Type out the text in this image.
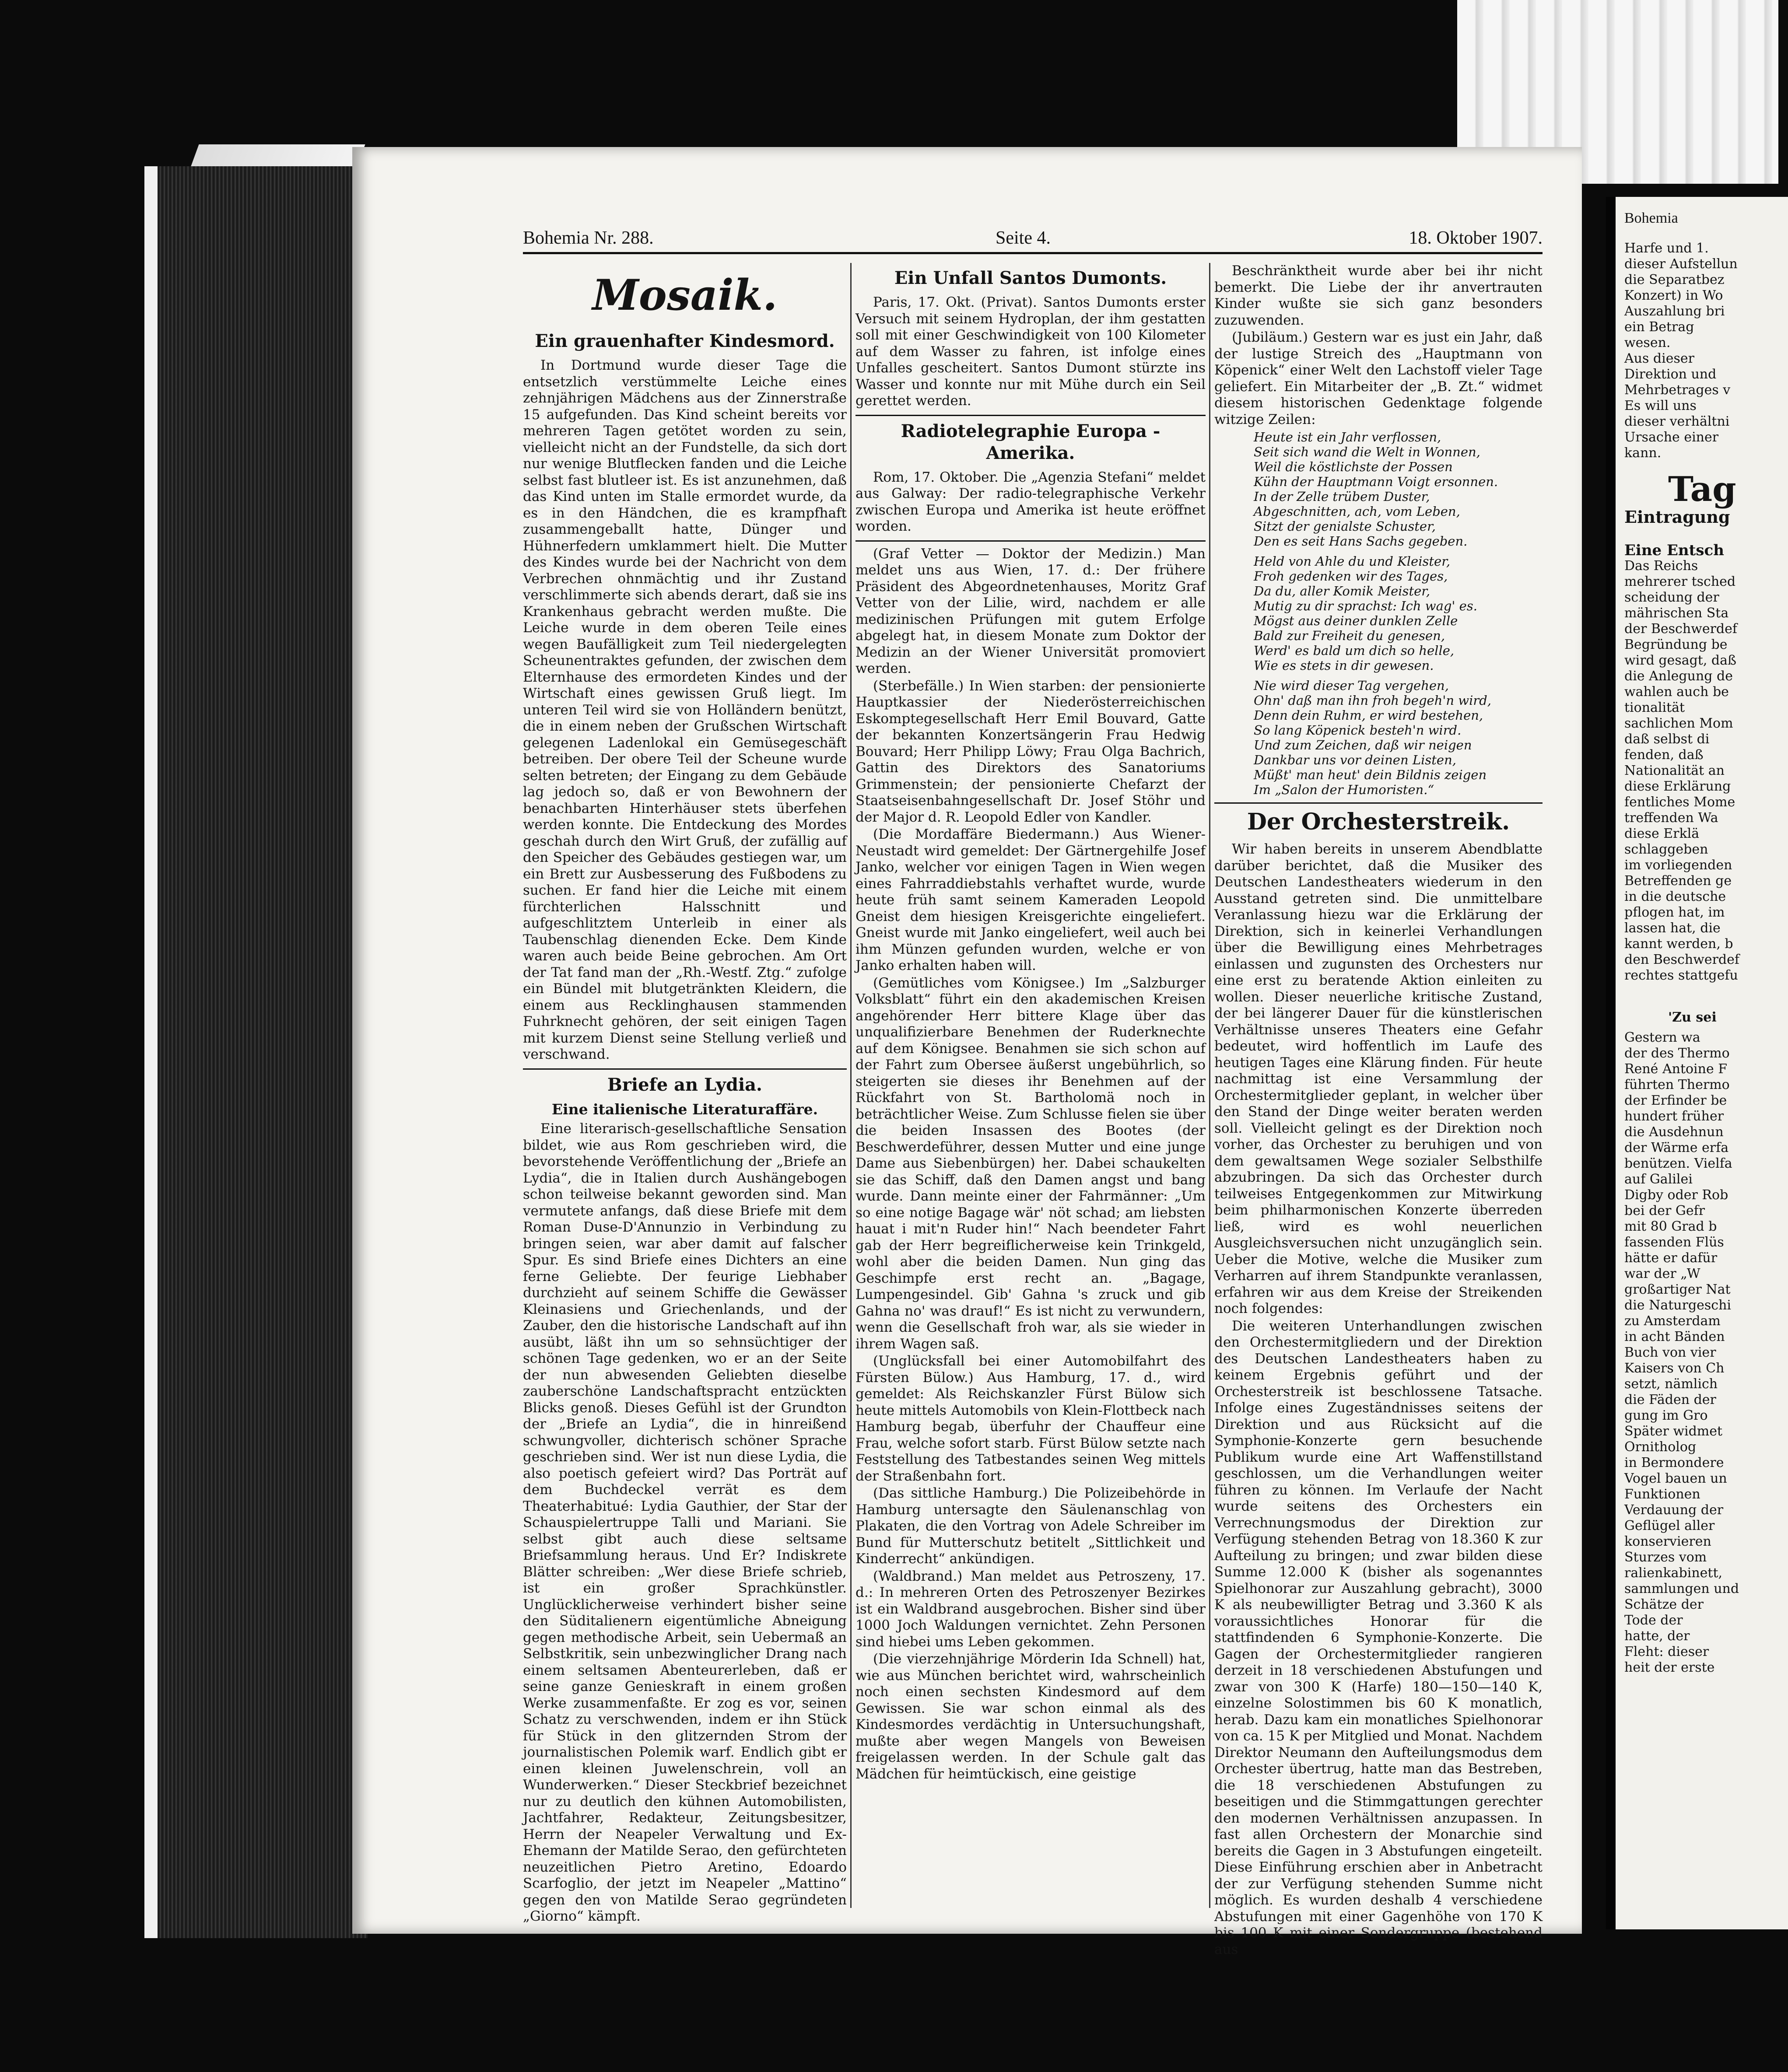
Bohemia Nr. 288.	Seite 4.	18. Oktober 1907.
Mosaik.
Ein grauenhafter Kindesmord.

In Dortmund wurde dieser Tage die entsetzlich verstümmelte Leiche eines zehnjährigen Mädchens aus der Zinnerstraße 15 aufgefunden. Das Kind scheint bereits vor mehreren Tagen getötet worden zu sein, vielleicht nicht an der Fundstelle, da sich dort nur wenige Blutflecken fanden und die Leiche selbst fast blutleer ist. Es ist anzunehmen, daß das Kind unten im Stalle ermordet wurde, da es in den Händchen, die es krampfhaft zusammengeballt hatte, Dünger und Hühnerfedern umklammert hielt. Die Mutter des Kindes wurde bei der Nachricht von dem Verbrechen ohnmächtig und ihr Zustand verschlimmerte sich abends derart, daß sie ins Krankenhaus gebracht werden mußte. Die Leiche wurde in dem oberen Teile eines wegen Baufälligkeit zum Teil niedergelegten Scheunentraktes gefunden, der zwischen dem Elternhause des ermordeten Kindes und der Wirtschaft eines gewissen Gruß liegt. Im unteren Teil wird sie von Holländern benützt, die in einem neben der Grußschen Wirtschaft gelegenen Ladenlokal ein Gemüsegeschäft betreiben. Der obere Teil der Scheune wurde selten betreten; der Eingang zu dem Gebäude lag jedoch so, daß er von Bewohnern der benachbarten Hinterhäuser stets überfehen werden konnte. Die Entdeckung des Mordes geschah durch den Wirt Gruß, der zufällig auf den Speicher des Gebäudes gestiegen war, um ein Brett zur Ausbesserung des Fußbodens zu suchen. Er fand hier die Leiche mit einem fürchterlichen Halsschnitt und aufgeschlitztem Unterleib in einer als Taubenschlag dienenden Ecke. Dem Kinde waren auch beide Beine gebrochen. Am Ort der Tat fand man der „Rh.-Westf. Ztg.“ zufolge ein Bündel mit blutgetränkten Kleidern, die einem aus Recklinghausen stammenden Fuhrknecht gehören, der seit einigen Tagen mit kurzem Dienst seine Stellung verließ und verschwand.

Briefe an Lydia.
Eine italienische Literaturaffäre.

Eine literarisch-gesellschaftliche Sensation bildet, wie aus Rom geschrieben wird, die bevorstehende Veröffentlichung der „Briefe an Lydia“, die in Italien durch Aushängebogen schon teilweise bekannt geworden sind. Man vermutete anfangs, daß diese Briefe mit dem Roman Duse-D'Annunzio in Verbindung zu bringen seien, war aber damit auf falscher Spur. Es sind Briefe eines Dichters an eine ferne Geliebte. Der feurige Liebhaber durchzieht auf seinem Schiffe die Gewässer Kleinasiens und Griechenlands, und der Zauber, den die historische Landschaft auf ihn ausübt, läßt ihn um so sehnsüchtiger der schönen Tage gedenken, wo er an der Seite der nun abwesenden Geliebten dieselbe zauberschöne Landschaftspracht entzückten Blicks genoß. Dieses Gefühl ist der Grundton der „Briefe an Lydia“, die in hinreißend schwungvoller, dichterisch schöner Sprache geschrieben sind. Wer ist nun diese Lydia, die also poetisch gefeiert wird? Das Porträt auf dem Buchdeckel verrät es dem Theaterhabitué: Lydia Gauthier, der Star der Schauspielertruppe Talli und Mariani. Sie selbst gibt auch diese seltsame Briefsammlung heraus. Und Er? Indiskrete Blätter schreiben: „Wer diese Briefe schrieb, ist ein großer Sprachkünstler. Unglücklicherweise verhindert bisher seine den Süditalienern eigentümliche Abneigung gegen methodische Arbeit, sein Uebermaß an Selbstkritik, sein unbezwinglicher Drang nach einem seltsamen Abenteurerleben, daß er seine ganze Genieskraft in einem großen Werke zusammenfaßte. Er zog es vor, seinen Schatz zu verschwenden, indem er ihn Stück für Stück in den glitzernden Strom der journalistischen Polemik warf. Endlich gibt er einen kleinen Juwelenschrein, voll an Wunderwerken.“ Dieser Steckbrief bezeichnet nur zu deutlich den kühnen Automobilisten, Jachtfahrer, Redakteur, Zeitungsbesitzer, Herrn der Neapeler Verwaltung und Ex-Ehemann der Matilde Serao, den gefürchteten neuzeitlichen Pietro Aretino, Edoardo Scarfoglio, der jetzt im Neapeler „Mattino“ gegen den von Matilde Serao gegründeten „Giorno“ kämpft.

Ein Unfall Santos Dumonts.

Paris, 17. Okt. (Privat). Santos Dumonts erster Versuch mit seinem Hydroplan, der ihm gestatten soll mit einer Geschwindigkeit von 100 Kilometer auf dem Wasser zu fahren, ist infolge eines Unfalles gescheitert. Santos Dumont stürzte ins Wasser und konnte nur mit Mühe durch ein Seil gerettet werden.

Radiotelegraphie Europa - Amerika.

Rom, 17. Oktober. Die „Agenzia Stefani“ meldet aus Galway: Der radio-telegraphische Verkehr zwischen Europa und Amerika ist heute eröffnet worden.

(Graf Vetter — Doktor der Medizin.) Man meldet uns aus Wien, 17. d.: Der frühere Präsident des Abgeordnetenhauses, Moritz Graf Vetter von der Lilie, wird, nachdem er alle medizinischen Prüfungen mit gutem Erfolge abgelegt hat, in diesem Monate zum Doktor der Medizin an der Wiener Universität promoviert werden.

(Sterbefälle.) In Wien starben: der pensionierte Hauptkassier der Niederösterreichischen Eskomptegesellschaft Herr Emil Bouvard, Gatte der bekannten Konzertsängerin Frau Hedwig Bouvard; Herr Philipp Löwy; Frau Olga Bachrich, Gattin des Direktors des Sanatoriums Grimmenstein; der pensionierte Chefarzt der Staatseisenbahngesellschaft Dr. Josef Stöhr und der Major d. R. Leopold Edler von Kandler.

(Die Mordaffäre Biedermann.) Aus Wiener-Neustadt wird gemeldet: Der Gärtnergehilfe Josef Janko, welcher vor einigen Tagen in Wien wegen eines Fahrraddiebstahls verhaftet wurde, wurde heute früh samt seinem Kameraden Leopold Gneist dem hiesigen Kreisgerichte eingeliefert. Gneist wurde mit Janko eingeliefert, weil auch bei ihm Münzen gefunden wurden, welche er von Janko erhalten haben will.

(Gemütliches vom Königsee.) Im „Salzburger Volksblatt“ führt ein den akademischen Kreisen angehörender Herr bittere Klage über das unqualifizierbare Benehmen der Ruderknechte auf dem Königsee. Benahmen sie sich schon auf der Fahrt zum Obersee äußerst ungebührlich, so steigerten sie dieses ihr Benehmen auf der Rückfahrt von St. Bartholomä noch in beträchtlicher Weise. Zum Schlusse fielen sie über die beiden Insassen des Bootes (der Beschwerdeführer, dessen Mutter und eine junge Dame aus Siebenbürgen) her. Dabei schaukelten sie das Schiff, daß den Damen angst und bang wurde. Dann meinte einer der Fahrmänner: „Um so eine notige Bagage wär' nöt schad; am liebsten hauat i mit'n Ruder hin!“ Nach beendeter Fahrt gab der Herr begreiflicherweise kein Trinkgeld, wohl aber die beiden Damen. Nun ging das Geschimpfe erst recht an. „Bagage, Lumpengesindel. Gib' Gahna 's zruck und gib Gahna no' was drauf!“ Es ist nicht zu verwundern, wenn die Gesellschaft froh war, als sie wieder in ihrem Wagen saß.

(Unglücksfall bei einer Automobilfahrt des Fürsten Bülow.) Aus Hamburg, 17. d., wird gemeldet: Als Reichskanzler Fürst Bülow sich heute mittels Automobils von Klein-Flottbeck nach Hamburg begab, überfuhr der Chauffeur eine Frau, welche sofort starb. Fürst Bülow setzte nach Feststellung des Tatbestandes seinen Weg mittels der Straßenbahn fort.

(Das sittliche Hamburg.) Die Polizeibehörde in Hamburg untersagte den Säulenanschlag von Plakaten, die den Vortrag von Adele Schreiber im Bund für Mutterschutz betitelt „Sittlichkeit und Kinderrecht“ ankündigen.

(Waldbrand.) Man meldet aus Petroszeny, 17. d.: In mehreren Orten des Petroszenyer Bezirkes ist ein Waldbrand ausgebrochen. Bisher sind über 1000 Joch Waldungen vernichtet. Zehn Personen sind hiebei ums Leben gekommen.

(Die vierzehnjährige Mörderin Ida Schnell) hat, wie aus München berichtet wird, wahrscheinlich noch einen sechsten Kindesmord auf dem Gewissen. Sie war schon einmal als des Kindesmordes verdächtig in Untersuchungshaft, mußte aber wegen Mangels von Beweisen freigelassen werden. In der Schule galt das Mädchen für heimtückisch, eine geistige

Beschränktheit wurde aber bei ihr nicht bemerkt. Die Liebe der ihr anvertrauten Kinder wußte sie sich ganz besonders zuzuwenden.

(Jubiläum.) Gestern war es just ein Jahr, daß der lustige Streich des „Hauptmann von Köpenick“ einer Welt den Lachstoff vieler Tage geliefert. Ein Mitarbeiter der „B. Zt.“ widmet diesem historischen Gedenktage folgende witzige Zeilen:

Heute ist ein Jahr verflossen,
Seit sich wand die Welt in Wonnen,
Weil die köstlichste der Possen
Kühn der Hauptmann Voigt ersonnen.
In der Zelle trübem Duster,
Abgeschnitten, ach, vom Leben,
Sitzt der genialste Schuster,
Den es seit Hans Sachs gegeben.
Held von Ahle du und Kleister,
Froh gedenken wir des Tages,
Da du, aller Komik Meister,
Mutig zu dir sprachst: Ich wag' es.
Mögst aus deiner dunklen Zelle
Bald zur Freiheit du genesen,
Werd' es bald um dich so helle,
Wie es stets in dir gewesen.
Nie wird dieser Tag vergehen,
Ohn' daß man ihn froh begeh'n wird,
Denn dein Ruhm, er wird bestehen,
So lang Köpenick besteh'n wird.
Und zum Zeichen, daß wir neigen
Dankbar uns vor deinen Listen,
Müßt' man heut' dein Bildnis zeigen
Im „Salon der Humoristen.“
Der Orchesterstreik.

Wir haben bereits in unserem Abendblatte darüber berichtet, daß die Musiker des Deutschen Landestheaters wiederum in den Ausstand getreten sind. Die unmittelbare Veranlassung hiezu war die Erklärung der Direktion, sich in keinerlei Verhandlungen über die Bewilligung eines Mehrbetrages einlassen und zugunsten des Orchesters nur eine erst zu beratende Aktion einleiten zu wollen. Dieser neuerliche kritische Zustand, der bei längerer Dauer für die künstlerischen Verhältnisse unseres Theaters eine Gefahr bedeutet, wird hoffentlich im Laufe des heutigen Tages eine Klärung finden. Für heute nachmittag ist eine Versammlung der Orchestermitglieder geplant, in welcher über den Stand der Dinge weiter beraten werden soll. Vielleicht gelingt es der Direktion noch vorher, das Orchester zu beruhigen und von dem gewaltsamen Wege sozialer Selbsthilfe abzubringen. Da sich das Orchester durch teilweises Entgegenkommen zur Mitwirkung beim philharmonischen Konzerte überreden ließ, wird es wohl neuerlichen Ausgleichsversuchen nicht unzugänglich sein. Ueber die Motive, welche die Musiker zum Verharren auf ihrem Standpunkte veranlassen, erfahren wir aus dem Kreise der Streikenden noch folgendes:

Die weiteren Unterhandlungen zwischen den Orchestermitgliedern und der Direktion des Deutschen Landestheaters haben zu keinem Ergebnis geführt und der Orchesterstreik ist beschlossene Tatsache. Infolge eines Zugeständnisses seitens der Direktion und aus Rücksicht auf die Symphonie-Konzerte gern besuchende Publikum wurde eine Art Waffenstillstand geschlossen, um die Verhandlungen weiter führen zu können. Im Verlaufe der Nacht wurde seitens des Orchesters ein Verrechnungsmodus der Direktion zur Verfügung stehenden Betrag von 18.360 K zur Aufteilung zu bringen; und zwar bilden diese Summe 12.000 K (bisher als sogenanntes Spielhonorar zur Auszahlung gebracht), 3000 K als neubewilligter Betrag und 3.360 K als voraussichtliches Honorar für die stattfindenden 6 Symphonie-Konzerte. Die Gagen der Orchestermitglieder rangieren derzeit in 18 verschiedenen Abstufungen und zwar von 300 K (Harfe) 180—150—140 K, einzelne Solostimmen bis 60 K monatlich, herab. Dazu kam ein monatliches Spielhonorar von ca. 15 K per Mitglied und Monat. Nachdem Direktor Neumann den Aufteilungsmodus dem Orchester übertrug, hatte man das Bestreben, die 18 verschiedenen Abstufungen zu beseitigen und die Stimmgattungen gerechter den modernen Verhältnissen anzupassen. In fast allen Orchestern der Monarchie sind bereits die Gagen in 3 Abstufungen eingeteilt. Diese Einführung erschien aber in Anbetracht der zur Verfügung stehenden Summe nicht möglich. Es wurden deshalb 4 verschiedene Abstufungen mit einer Gagenhöhe von 170 K bis 100 K mit einer Sondergruppe (bestehend aus

Bohemia
Harfe und 1.
dieser Aufstellun
die Separatbez
Konzert) in Wo
Auszahlung bri
ein Betrag
wesen.
Aus dieser
Direktion und
Mehrbetrages v
Es will uns
dieser verhältni
Ursache einer
kann.
Tag
Eintragung
Eine Entsch
Das Reichs
mehrerer tsched
scheidung der
mährischen Sta
der Beschwerdef
Begründung be
wird gesagt, daß
die Anlegung de
wahlen auch be
tionalität
sachlichen Mom
daß selbst di
fenden, daß
Nationalität an
diese Erklärung
fentliches Mome
treffenden Wa
diese Erklä
schlaggeben
im vorliegenden
Betreffenden ge
in die deutsche
pflogen hat, im
lassen hat, die
kannt werden, b
den Beschwerdef
rechtes stattgefu
'Zu sei
Gestern wa
der des Thermo
René Antoine F
führten Thermo
der Erfinder be
hundert früher
die Ausdehnun
der Wärme erfa
benützen. Vielfa
auf Galilei
Digby oder Rob
bei der Gefr
mit 80 Grad b
fassenden Flüs
hätte er dafür
war der „W
großartiger Nat
die Naturgeschi
zu Amsterdam
in acht Bänden
Buch von vier
Kaisers von Ch
setzt, nämlich
die Fäden der
gung im Gro
Später widmet
Ornitholog
in Bermondere
Vogel bauen un
Funktionen
Verdauung der
Geflügel aller
konservieren
Sturzes vom
ralienkabinett,
sammlungen und
Schätze der
Tode der
hatte, der
Fleht: dieser
heit der erste
